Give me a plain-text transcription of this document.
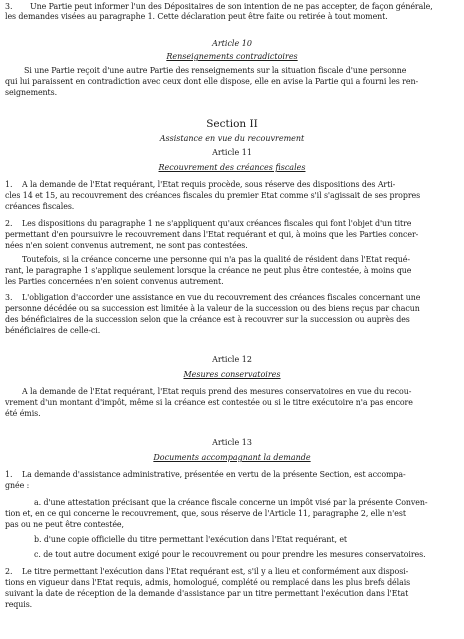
3. Une Partie peut informer l'un des Dépositaires de son intention de ne pas accepter, de façon générale,
les demandes visées au paragraphe 1. Cette déclaration peut être faite ou retirée à tout moment.
Article 10
Renseignements contradictoires
Si une Partie reçoit d'une autre Partie des renseignements sur la situation fiscale d'une personne
qui lui paraissent en contradiction avec ceux dont elle dispose, elle en avise la Partie qui a fourni les ren-
seignements.
Section II
Assistance en vue du recouvrement
Article 11
Recouvrement des créances fiscales
1. A la demande de l'Etat requérant, l'Etat requis procède, sous réserve des dispositions des Arti-
cles 14 et 15, au recouvrement des créances fiscales du premier Etat comme s'il s'agissait de ses propres
créances fiscales.
2. Les dispositions du paragraphe 1 ne s'appliquent qu'aux créances fiscales qui font l'objet d'un titre
permettant d'en poursuivre le recouvrement dans l'Etat requérant et qui, à moins que les Parties concer-
nées n'en soient convenus autrement, ne sont pas contestées.
Toutefois, si la créance concerne une personne qui n'a pas la qualité de résident dans l'Etat requé-
rant, le paragraphe 1 s'applique seulement lorsque la créance ne peut plus être contestée, à moins que
les Parties concernées n'en soient convenus autrement.
3. L'obligation d'accorder une assistance en vue du recouvrement des créances fiscales concernant une
personne décédée ou sa succession est limitée à la valeur de la succession ou des biens reçus par chacun
des bénéficiaires de la succession selon que la créance est à recouvrer sur la succession ou auprès des
bénéficiaires de celle-ci.
Article 12
Mesures conservatoires
A la demande de l'Etat requérant, l'Etat requis prend des mesures conservatoires en vue du recou-
vrement d'un montant d'impôt, même si la créance est contestée ou si le titre exécutoire n'a pas encore
été émis.
Article 13
Documents accompagnant la demande
1. La demande d'assistance administrative, présentée en vertu de la présente Section, est accompa-
gnée :
a. d'une attestation précisant que la créance fiscale concerne un impôt visé par la présente Conven-
tion et, en ce qui concerne le recouvrement, que, sous réserve de l'Article 11, paragraphe 2, elle n'est
pas ou ne peut être contestée,
b. d'une copie officielle du titre permettant l'exécution dans l'Etat requérant, et
c. de tout autre document exigé pour le recouvrement ou pour prendre les mesures conservatoires.
2. Le titre permettant l'exécution dans l'Etat requérant est, s'il y a lieu et conformément aux disposi-
tions en vigueur dans l'Etat requis, admis, homologué, complété ou remplacé dans les plus brefs délais
suivant la date de réception de la demande d'assistance par un titre permettant l'exécution dans l'Etat
requis.
